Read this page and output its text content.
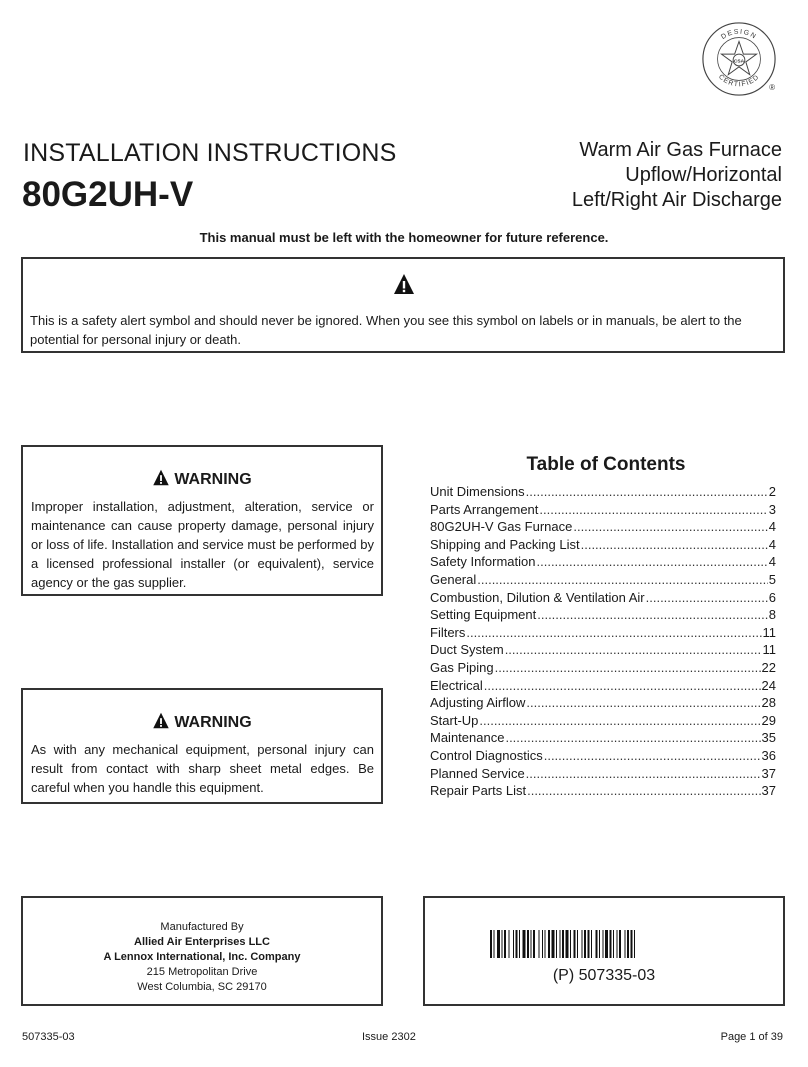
DESIGN
CERTIFIED
CSA
®
INSTALLATION INSTRUCTIONS
80G2UH-V
Warm Air Gas Furnace
Upflow/Horizontal
Left/Right Air Discharge
This manual must be left with the homeowner for future reference.
This is a safety alert symbol and should never be ignored. When you see this symbol on labels or in manuals, be alert to the potential for personal injury or death.
WARNING
Improper installation, adjustment, alteration, service or maintenance can cause property damage, personal injury or loss of life. Installation and service must be performed by a licensed professional installer (or equivalent), service agency or the gas supplier.
WARNING
As with any mechanical equipment, personal injury can result from contact with sharp sheet metal edges. Be careful when you handle this equipment.
Table of Contents
Unit Dimensions .....	2
Parts Arrangement .....	3
80G2UH-V Gas Furnace .....	4
Shipping and Packing List .....	4
Safety Information .....	4
General .....	5
Combustion, Dilution & Ventilation Air .....	6
Setting Equipment .....	8
Filters .....	11
Duct System .....	11
Gas Piping .....	22
Electrical .....	24
Adjusting Airflow .....	28
Start-Up .....	29
Maintenance .....	35
Control Diagnostics .....	36
Planned Service .....	37
Repair Parts List .....	37
Manufactured By
Allied Air Enterprises LLC
A Lennox International, Inc. Company
215 Metropolitan Drive
West Columbia, SC 29170
(P) 507335-03
507335-03	Issue 2302	Page 1 of 39
